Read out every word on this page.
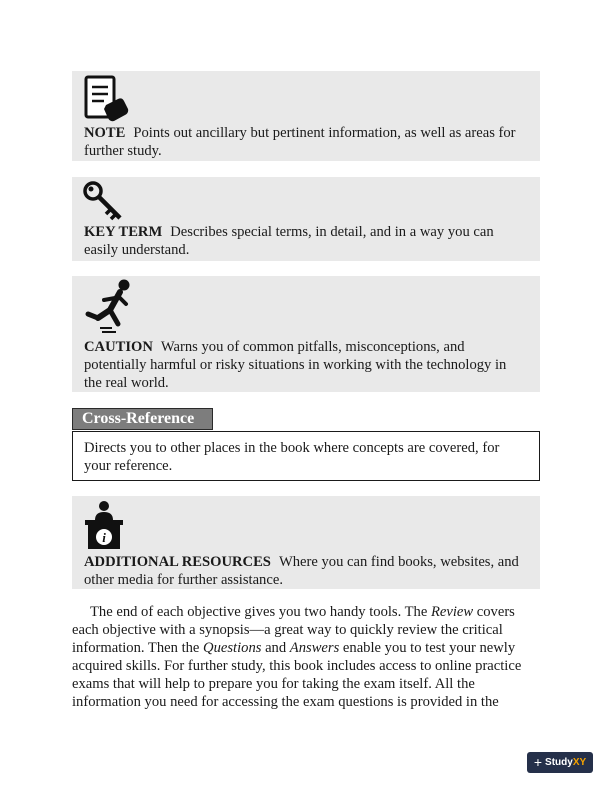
NOTE Points out ancillary but pertinent information, as well as areas for further study.

KEY TERM Describes special terms, in detail, and in a way you can easily understand.

CAUTION Warns you of common pitfalls, misconceptions, and potentially harmful or risky situations in working with the technology in the real world.

Cross-Reference

Directs you to other places in the book where concepts are covered, for your reference.

i

ADDITIONAL RESOURCES Where you can find books, websites, and other media for further assistance.

The end of each objective gives you two handy tools. The Review covers each objective with a synopsis—a great way to quickly review the critical information. Then the Questions and Answers enable you to test your newly acquired skills. For further study, this book includes access to online practice exams that will help to prepare you for taking the exam itself. All the information you need for accessing the exam questions is provided in the

+ StudyXY
